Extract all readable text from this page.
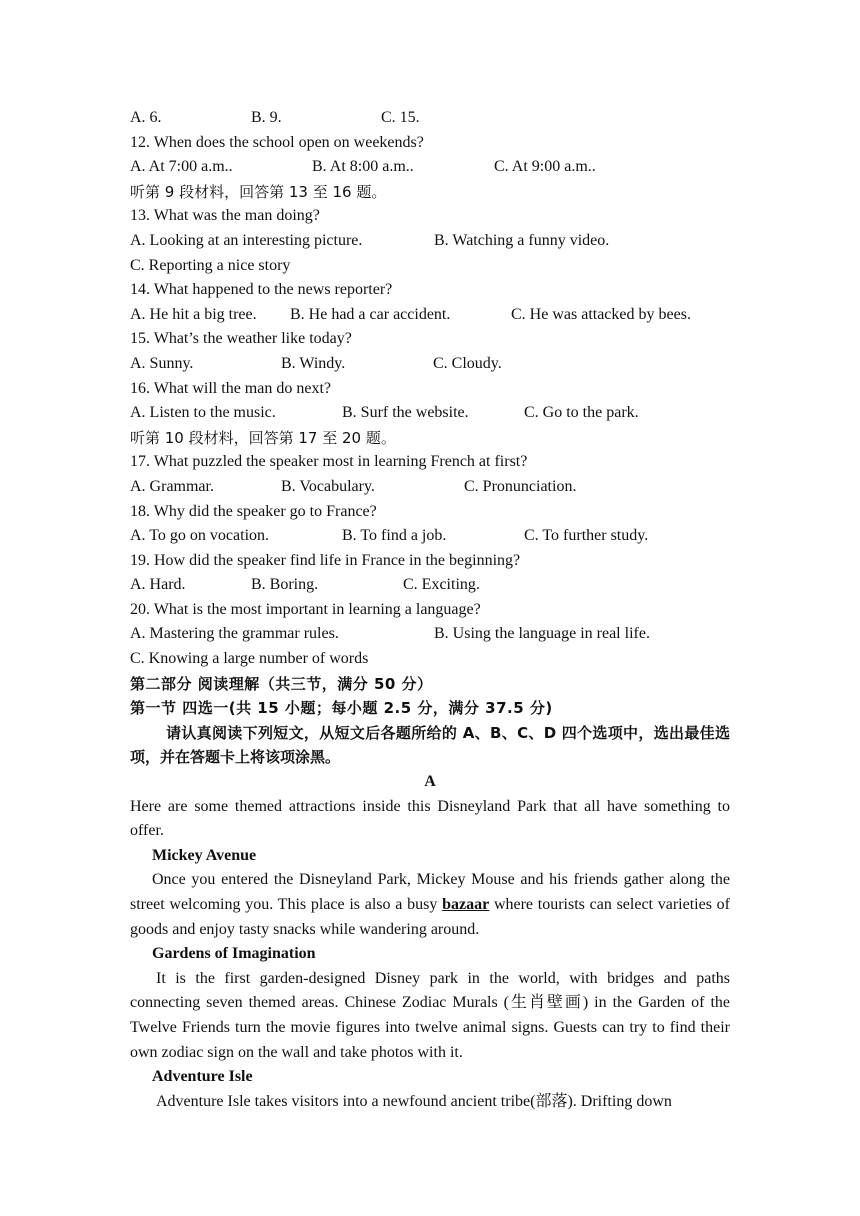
A. 6.	B. 9.	C. 15.
12. When does the school open on weekends?
A. At 7:00 a.m..	B. At 8:00 a.m..	C. At 9:00 a.m..
听第 9 段材料，回答第 13 至 16 题。
13. What was the man doing?
A. Looking at an interesting picture.	B. Watching a funny video.
C. Reporting a nice story
14. What happened to the news reporter?
A. He hit a big tree. B. He had a car accident.	C. He was attacked by bees.
15. What’s the weather like today?
A. Sunny.	B. Windy.	C. Cloudy.
16. What will the man do next?
A. Listen to the music.	B. Surf the website.	C. Go to the park.
听第 10 段材料，回答第 17 至 20 题。
17. What puzzled the speaker most in learning French at first?
A. Grammar.	B. Vocabulary.	C. Pronunciation.
18. Why did the speaker go to France?
A. To go on vocation.	B. To find a job.	C. To further study.
19. How did the speaker find life in France in the beginning?
A. Hard.	B. Boring.	C. Exciting.
20. What is the most important in learning a language?
A. Mastering the grammar rules.	B. Using the language in real life.
C. Knowing a large number of words
第二部分 阅读理解（共三节，满分 50 分）
第一节 四选一(共 15 小题；每小题 2.5 分，满分 37.5 分)
请认真阅读下列短文，从短文后各题所给的 A、B、C、D 四个选项中，选出最佳选项，并在答题卡上将该项涂黑。
A
Here are some themed attractions inside this Disneyland Park that all have something to offer.
Mickey Avenue
Once you entered the Disneyland Park, Mickey Mouse and his friends gather along the street welcoming you. This place is also a busy bazaar where tourists can select varieties of goods and enjoy tasty snacks while wandering around.
Gardens of Imagination
It is the first garden-designed Disney park in the world, with bridges and paths connecting seven themed areas. Chinese Zodiac Murals (生肖壁画) in the Garden of the Twelve Friends turn the movie figures into twelve animal signs. Guests can try to find their own zodiac sign on the wall and take photos with it.
Adventure Isle
Adventure Isle takes visitors into a newfound ancient tribe(部落). Drifting down
